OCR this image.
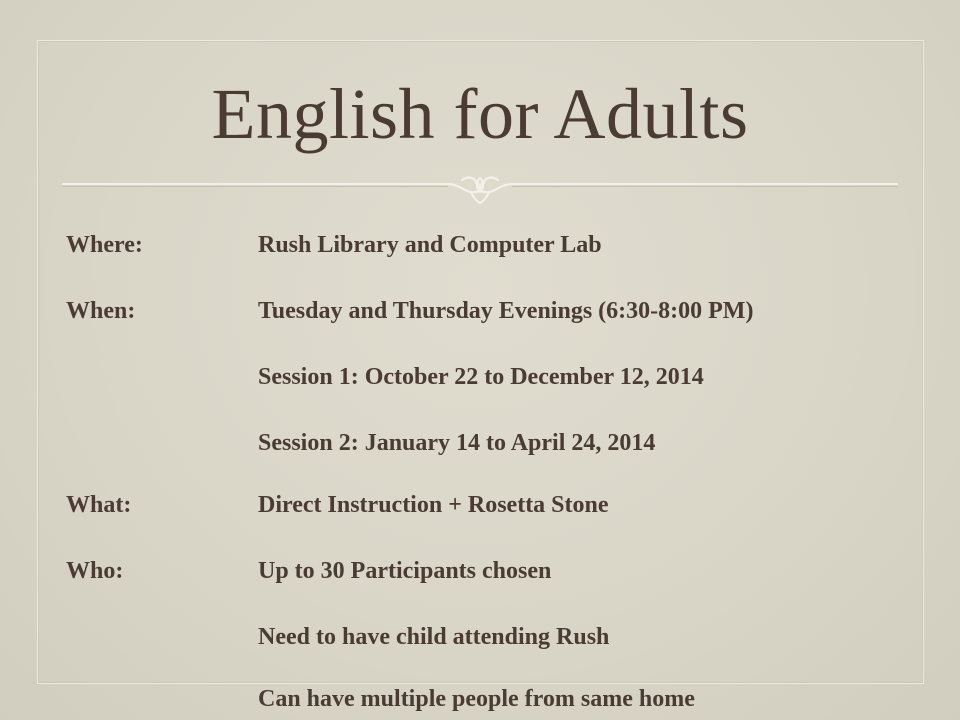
English for Adults
Where:	Rush Library and Computer Lab
When:	Tuesday and Thursday Evenings (6:30-8:00 PM)
Session 1: October 22 to December 12, 2014
Session 2: January 14 to April 24, 2014
What:	Direct Instruction + Rosetta Stone
Who:	Up to 30 Participants chosen
Need to have child attending Rush
Can have multiple people from same home
